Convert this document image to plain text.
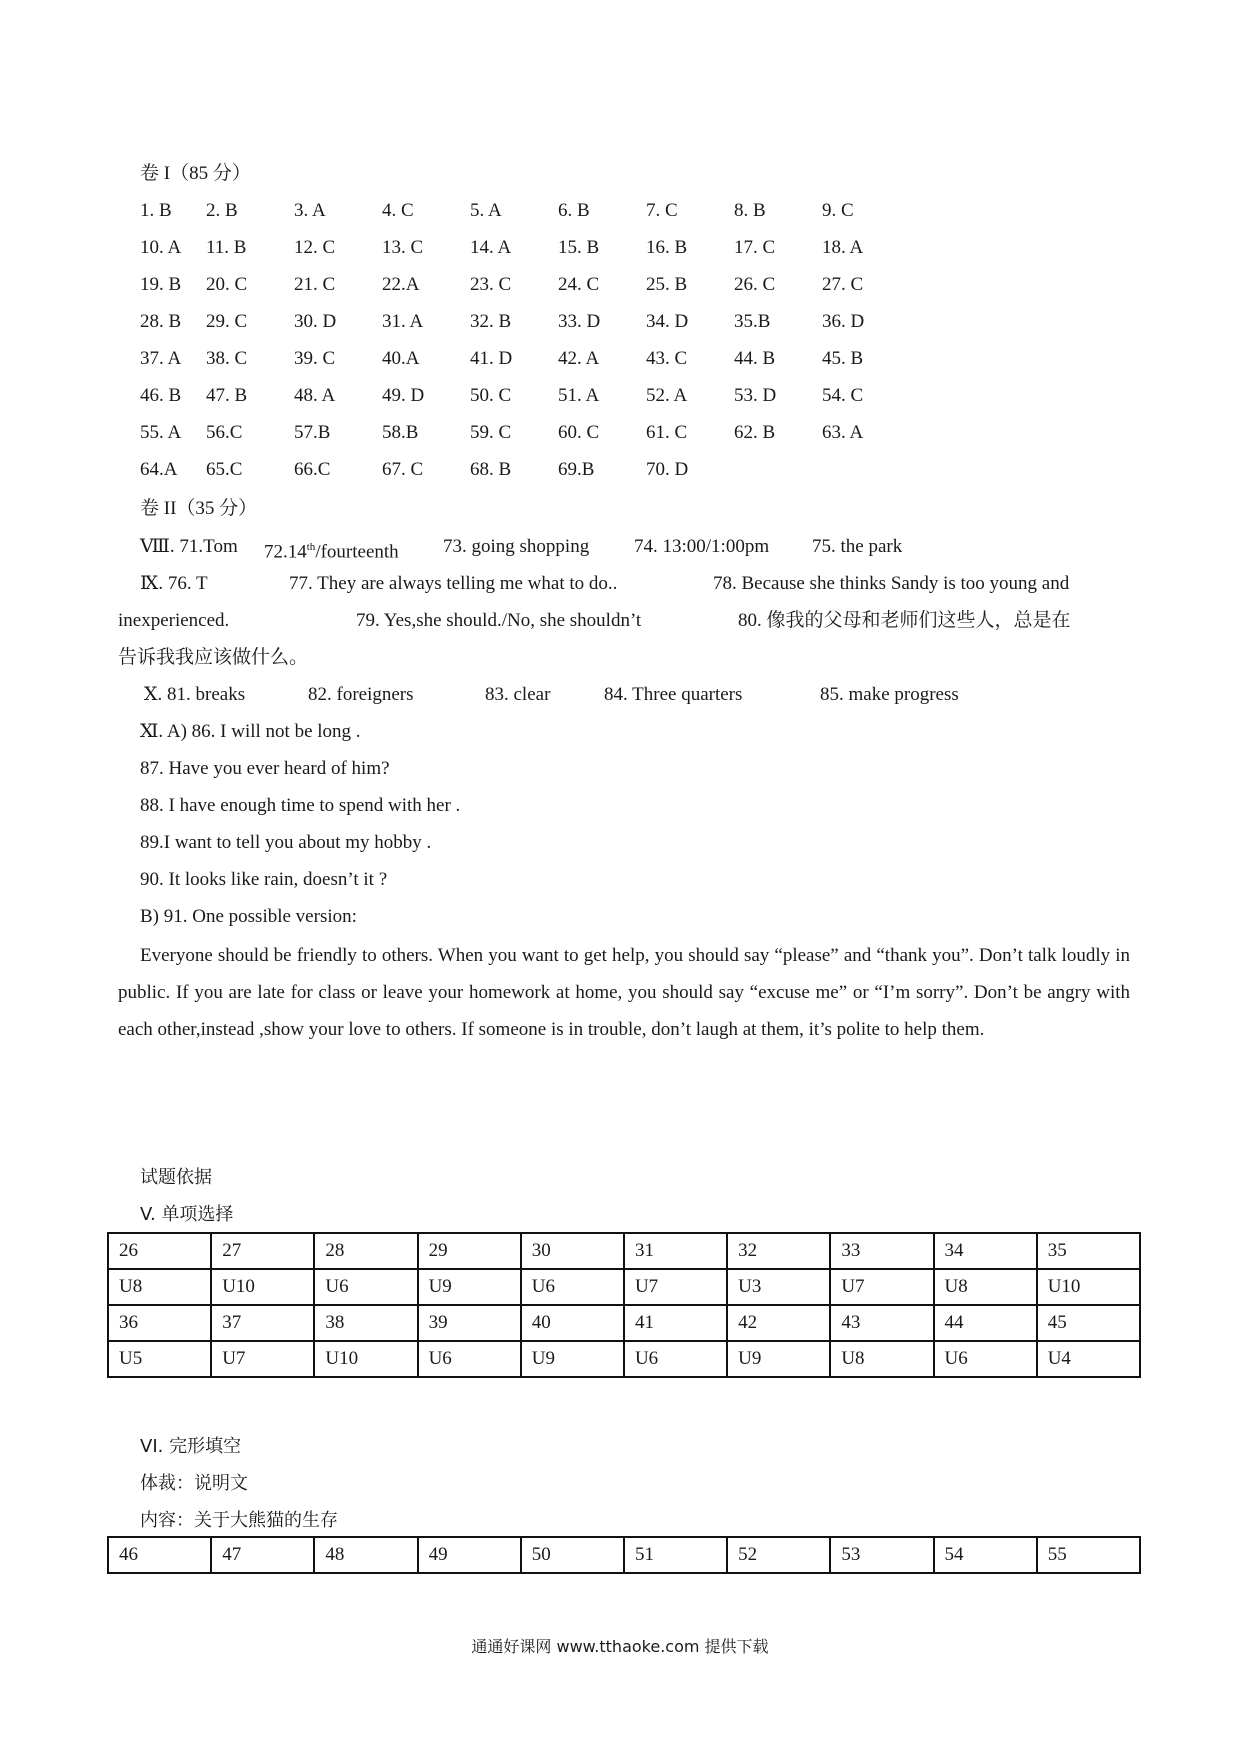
卷 I（85 分）
1. B 2. B	3. A	4. C	5. A	6. B	7. C	8. B	9. C
10. A 11. B	12. C 13. C 14. A 15. B 16. B 17. C 18. A
19. B 20. C 21. C 22.A	23. C 24. C 25. B 26. C 27. C
28. B 29. C 30. D 31. A 32. B 33. D 34. D 35.B	36. D
37. A 38. C 39. C 40.A	41. D 42. A 43. C 44. B 45. B
46. B 47. B 48. A 49. D 50. C 51. A 52. A 53. D 54. C
55. A 56.C	57.B	58.B	59. C 60. C 61. C 62. B 63. A
64.A 65.C	66.C	67. C 68. B 69.B	70. D
卷 II（35 分）
Ⅷ. 71.Tom 72.14th/fourteenth 73. going shopping 74. 13:00/1:00pm 75. the park
Ⅸ. 76. T	77. They are always telling me what to do..	78. Because she thinks Sandy is too young and
inexperienced.	79. Yes,she should./No, she shouldn’t	80. 像我的父母和老师们这些人，总是在
告诉我我应该做什么。
Ⅹ. 81. breaks	82. foreigners	83. clear	84. Three quarters	85. make progress
Ⅺ. A) 86. I will not be long .
87. Have you ever heard of him?
88. I have enough time to spend with her .
89.I want to tell you about my hobby .
90. It looks like rain, doesn’t it ?
B) 91. One possible version:
Everyone should be friendly to others. When you want to get help, you should say “please” and “thank you”. Don’t talk loudly in public. If you are late for class or leave your homework at home, you should say “excuse me” or “I’m sorry”. Don’t be angry with each other,instead ,show your love to others. If someone is in trouble, don’t laugh at them, it’s polite to help them.
试题依据
V. 单项选择
26	27	28	29	30	31	32	33	34	35
U8	U10	U6	U9	U6	U7	U3	U7	U8	U10
36	37	38	39	40	41	42	43	44	45
U5	U7	U10	U6	U9	U6	U9	U8	U6	U4
VI. 完形填空
体裁：说明文
内容：关于大熊猫的生存
46	47	48	49	50	51	52	53	54	55
通通好课网 www.tthaoke.com 提供下载
